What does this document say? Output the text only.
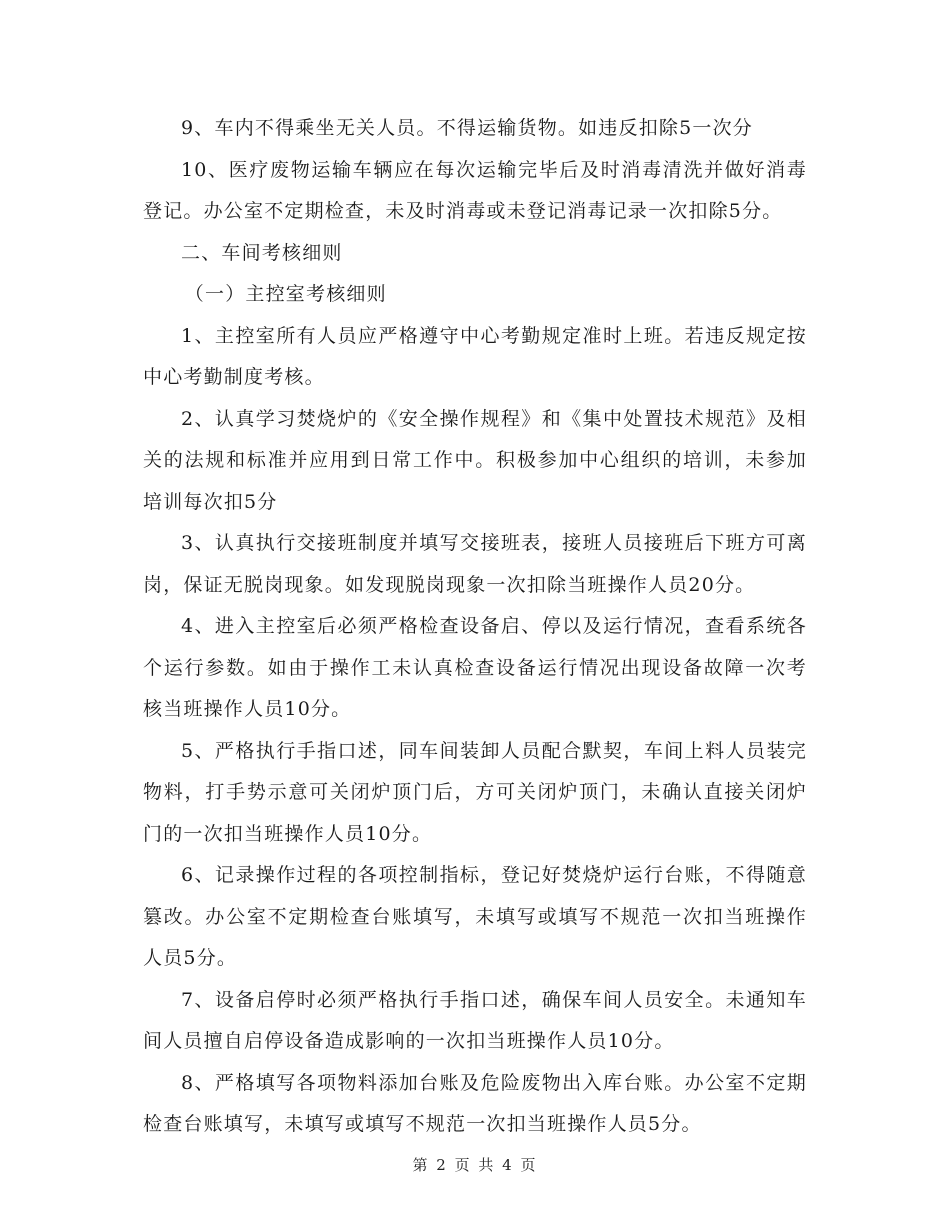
9、车内不得乘坐无关人员。不得运输货物。如违反扣除5一次分

10、医疗废物运输车辆应在每次运输完毕后及时消毒清洗并做好消毒登记。办公室不定期检查，未及时消毒或未登记消毒记录一次扣除5分。

二、车间考核细则

（一）主控室考核细则

1、主控室所有人员应严格遵守中心考勤规定准时上班。若违反规定按中心考勤制度考核。

2、认真学习焚烧炉的《安全操作规程》和《集中处置技术规范》及相关的法规和标准并应用到日常工作中。积极参加中心组织的培训，未参加培训每次扣5分

3、认真执行交接班制度并填写交接班表，接班人员接班后下班方可离岗，保证无脱岗现象。如发现脱岗现象一次扣除当班操作人员20分。

4、进入主控室后必须严格检查设备启、停以及运行情况，查看系统各个运行参数。如由于操作工未认真检查设备运行情况出现设备故障一次考核当班操作人员10分。

5、严格执行手指口述，同车间装卸人员配合默契，车间上料人员装完物料，打手势示意可关闭炉顶门后，方可关闭炉顶门，未确认直接关闭炉门的一次扣当班操作人员10分。

6、记录操作过程的各项控制指标，登记好焚烧炉运行台账，不得随意篡改。办公室不定期检查台账填写，未填写或填写不规范一次扣当班操作人员5分。

7、设备启停时必须严格执行手指口述，确保车间人员安全。未通知车间人员擅自启停设备造成影响的一次扣当班操作人员10分。

8、严格填写各项物料添加台账及危险废物出入库台账。办公室不定期检查台账填写，未填写或填写不规范一次扣当班操作人员5分。

第 2 页 共 4 页
